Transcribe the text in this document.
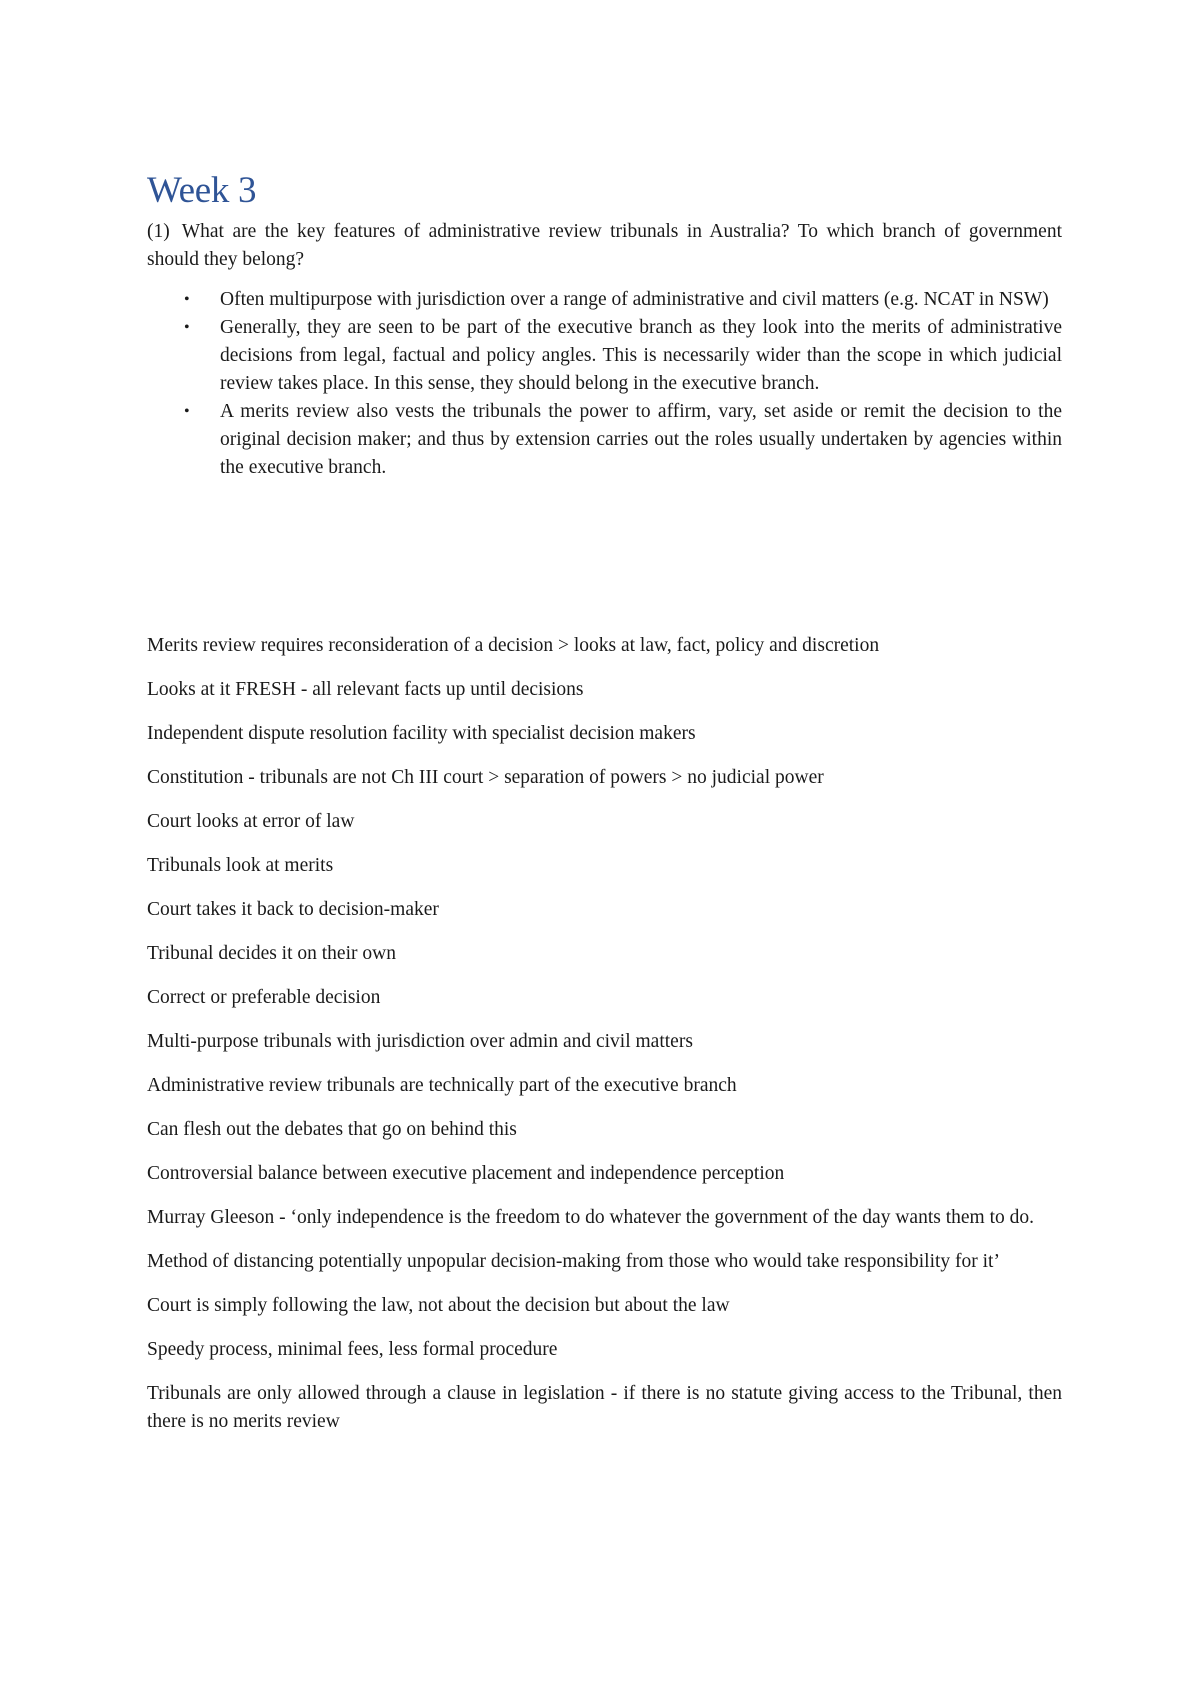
Week 3

(1) What are the key features of administrative review tribunals in Australia? To which branch of government should they belong?

• Often multipurpose with jurisdiction over a range of administrative and civil matters (e.g. NCAT in NSW)
• Generally, they are seen to be part of the executive branch as they look into the merits of administrative decisions from legal, factual and policy angles. This is necessarily wider than the scope in which judicial review takes place. In this sense, they should belong in the executive branch.
• A merits review also vests the tribunals the power to affirm, vary, set aside or remit the decision to the original decision maker; and thus by extension carries out the roles usually undertaken by agencies within the executive branch.

Merits review requires reconsideration of a decision > looks at law, fact, policy and discretion

Looks at it FRESH - all relevant facts up until decisions

Independent dispute resolution facility with specialist decision makers

Constitution - tribunals are not Ch III court > separation of powers > no judicial power

Court looks at error of law

Tribunals look at merits

Court takes it back to decision-maker

Tribunal decides it on their own

Correct or preferable decision

Multi-purpose tribunals with jurisdiction over admin and civil matters

Administrative review tribunals are technically part of the executive branch

Can flesh out the debates that go on behind this

Controversial balance between executive placement and independence perception

Murray Gleeson - ‘only independence is the freedom to do whatever the government of the day wants them to do.

Method of distancing potentially unpopular decision-making from those who would take responsibility for it’

Court is simply following the law, not about the decision but about the law

Speedy process, minimal fees, less formal procedure

Tribunals are only allowed through a clause in legislation - if there is no statute giving access to the Tribunal, then there is no merits review
